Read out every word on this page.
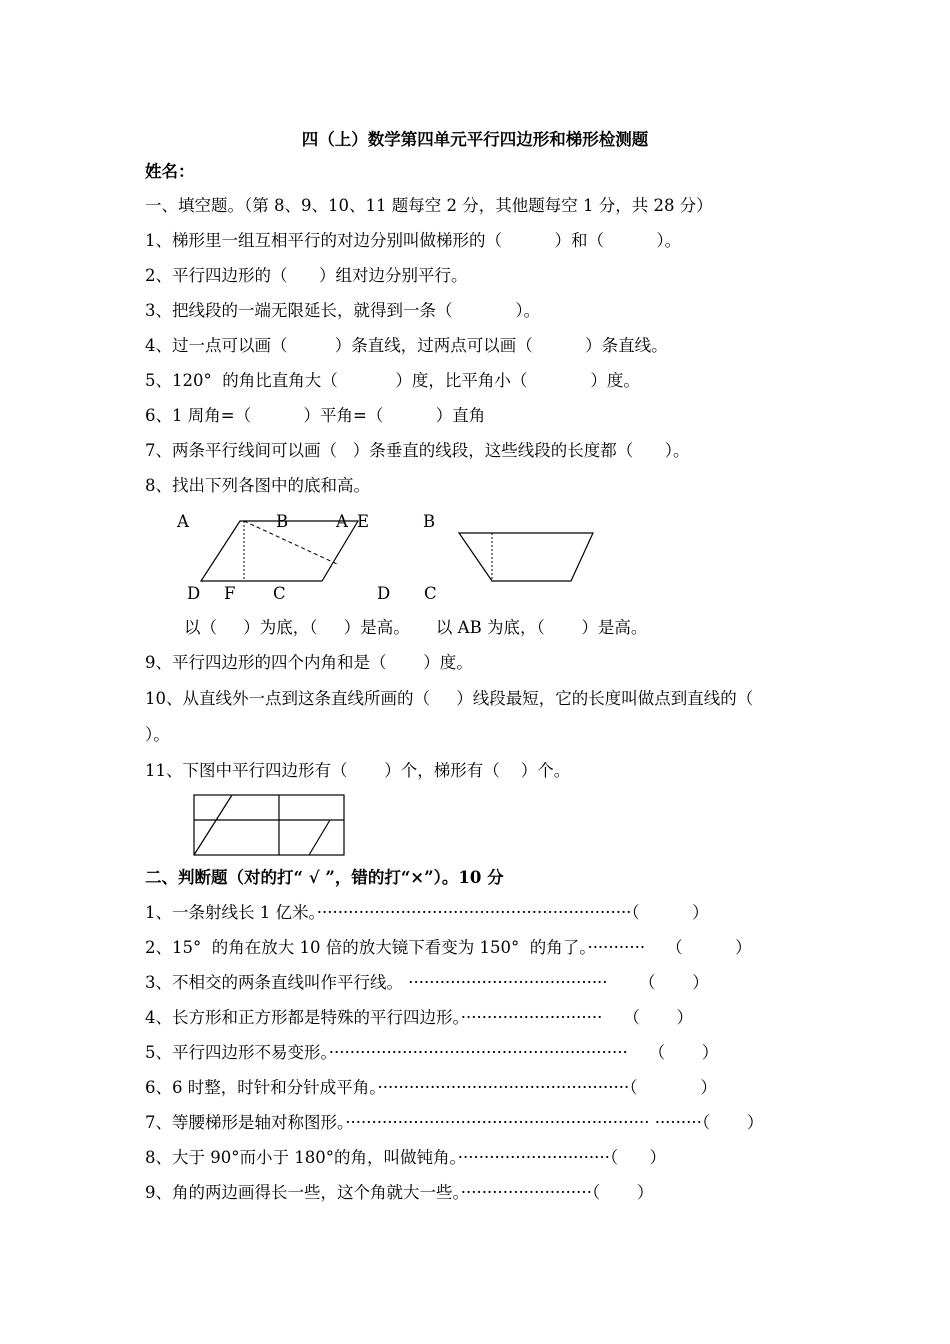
四（上）数学第四单元平行四边形和梯形检测题
姓名：
一、填空题。（第 8、9、10、11 题每空 2 分，其他题每空 1 分，共 28 分）
1、梯形里一组互相平行的对边分别叫做梯形的（          ）和（          ）。
2、平行四边形的（      ）组对边分别平行。
3、把线段的一端无限延长，就得到一条（            ）。
4、过一点可以画（         ）条直线，过两点可以画（          ）条直线。
5、120°  的角比直角大（           ）度，比平角小（            ）度。
6、1 周角=（          ）平角=（          ）直角
7、两条平行线间可以画（   ）条垂直的线段，这些线段的长度都（      ）。
8、找出下列各图中的底和高。
A	B	A E	B
D F C	D C
以（     ）为底，（     ）是高。     以 AB 为底，（       ）是高。
9、平行四边形的四个内角和是（       ）度。
10、从直线外一点到这条直线所画的（     ）线段最短，它的长度叫做点到直线的（
）。
11、下图中平行四边形有（       ）个，梯形有（    ）个。
二、判断题（对的打“ √ ”，错的打“×”）。10 分
1、一条射线长 1 亿米。····························································（          ）
2、15°  的角在放大 10 倍的放大镜下看变为 150°  的角了。···········    （          ）
3、不相交的两条直线叫作平行线。 ······································      （       ）
4、长方形和正方形都是特殊的平行四边形。···························    （       ）
5、平行四边形不易变形。·························································    （       ）
6、6 时整，时针和分针成平角。················································（            ）
7、等腰梯形是轴对称图形。·························································· ·········（       ）
8、大于 90°而小于 180°的角，叫做钝角。·····························（      ）
9、角的两边画得长一些，这个角就大一些。·························（       ）
